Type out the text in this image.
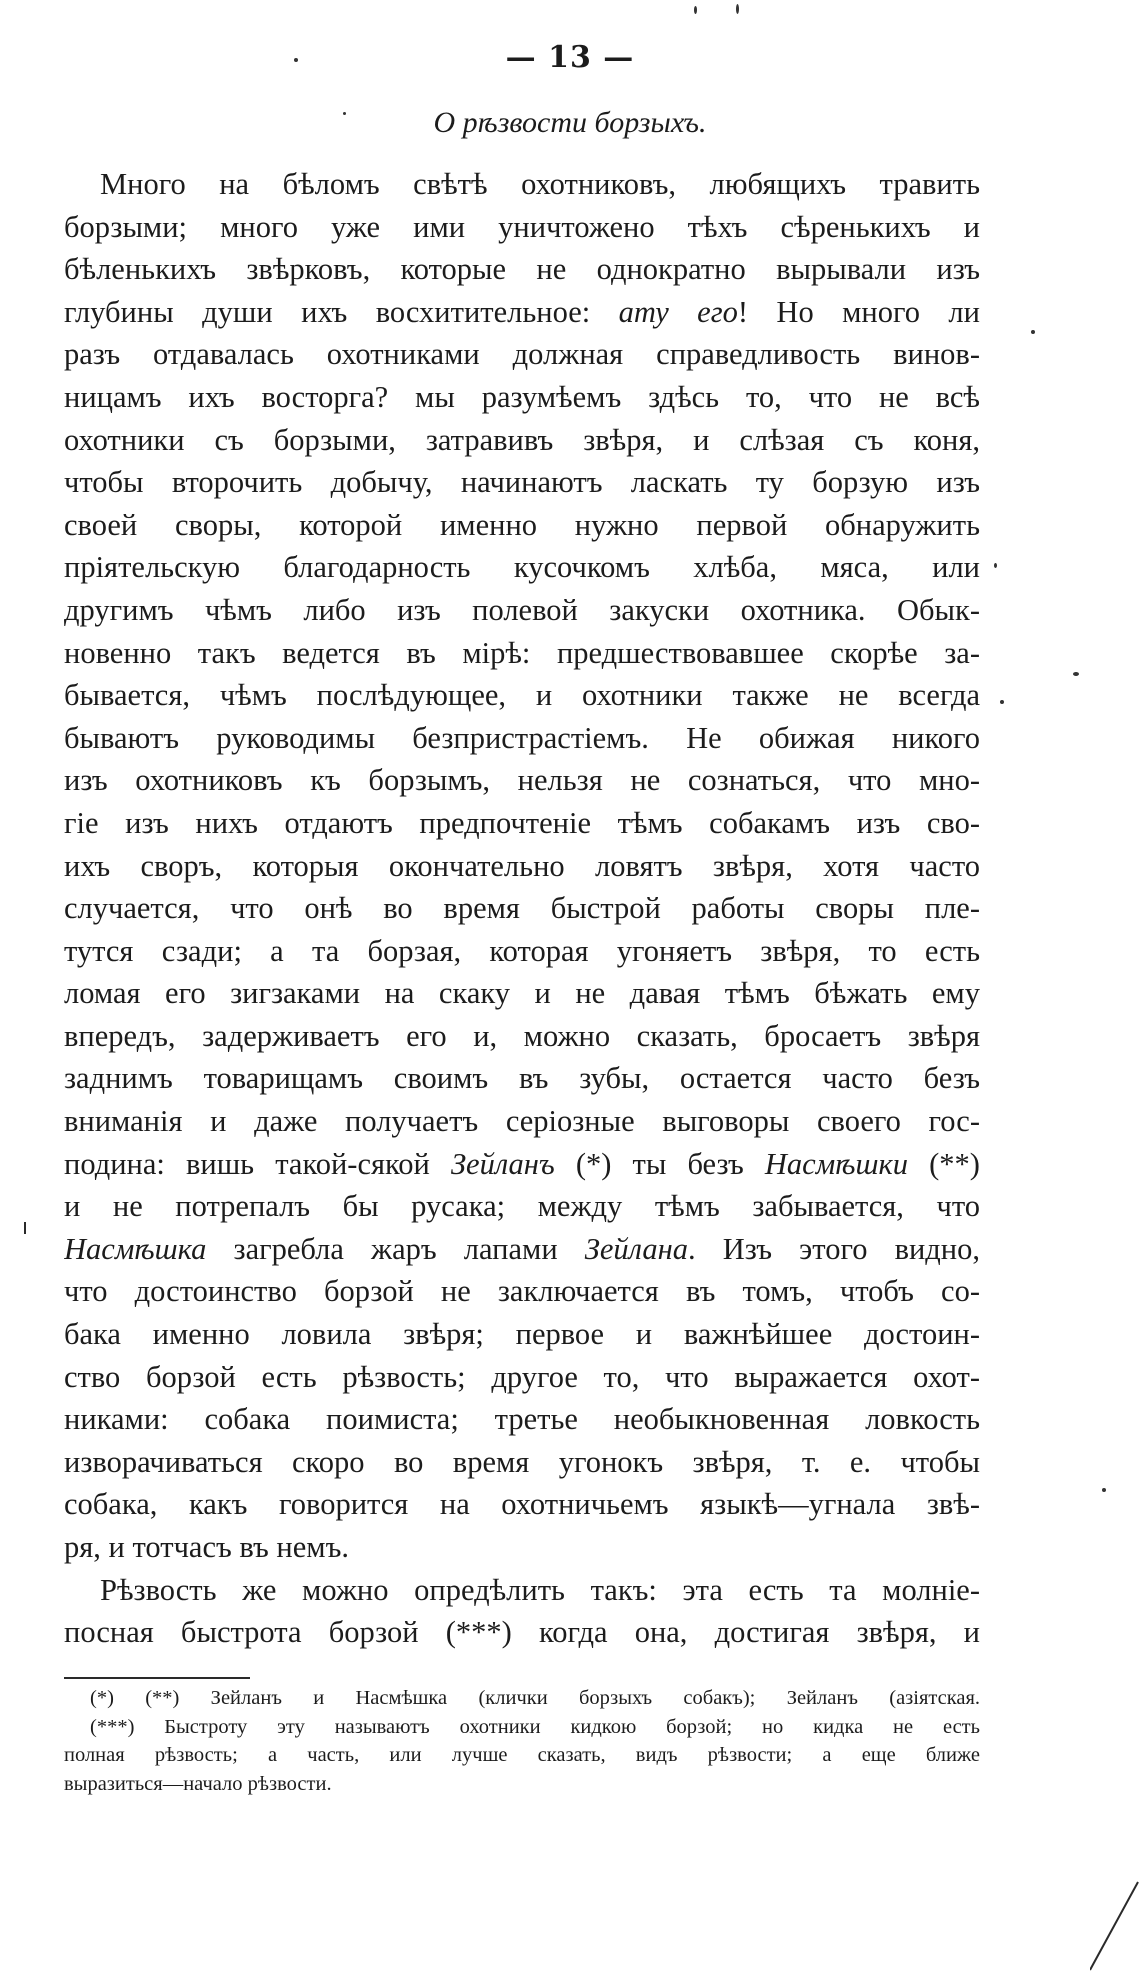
— 13 —
О рѣзвости борзыхъ.
Много на бѣломъ свѣтѣ охотниковъ, любящихъ травить
борзыми; много уже ими уничтожено тѣхъ сѣренькихъ и
бѣленькихъ звѣрковъ, которые не однократно вырывали изъ
глубины души ихъ восхитительное: ату его! Но много ли
разъ отдавалась охотниками должная справедливость винов-
ницамъ ихъ восторга? мы разумѣемъ здѣсь то, что не всѣ
охотники съ борзыми, затравивъ звѣря, и слѣзая съ коня,
чтобы второчить добычу, начинаютъ ласкать ту борзую изъ
своей своры, которой именно нужно первой обнаружить
пріятельскую благодарность кусочкомъ хлѣба, мяса, или
другимъ чѣмъ либо изъ полевой закуски охотника. Обык-
новенно такъ ведется въ мірѣ: предшествовавшее скорѣе за-
бывается, чѣмъ послѣдующее, и охотники также не всегда
бываютъ руководимы безпристрастіемъ. Не обижая никого
изъ охотниковъ къ борзымъ, нельзя не сознаться, что мно-
гіе изъ нихъ отдаютъ предпочтеніе тѣмъ собакамъ изъ сво-
ихъ своръ, которыя окончательно ловятъ звѣря, хотя часто
случается, что онѣ во время быстрой работы своры пле-
тутся сзади; а та борзая, которая угоняетъ звѣря, то есть
ломая его зигзаками на скаку и не давая тѣмъ бѣжать ему
впередъ, задерживаетъ его и, можно сказать, бросаетъ звѣря
заднимъ товарищамъ своимъ въ зубы, остается часто безъ
вниманія и даже получаетъ серіозные выговоры своего гос-
подина: вишь такой-сякой Зейланъ (*) ты безъ Насмѣшки (**)
и не потрепалъ бы русака; между тѣмъ забывается, что
Насмѣшка загребла жаръ лапами Зейлана. Изъ этого видно,
что достоинство борзой не заключается въ томъ, чтобъ со-
бака именно ловила звѣря; первое и важнѣйшее достоин-
ство борзой есть рѣзвость; другое то, что выражается охот-
никами: собака поимиста; третье необыкновенная ловкость
изворачиваться скоро во время угонокъ звѣря, т. е. чтобы
собака, какъ говорится на охотничьемъ языкѣ—угнала звѣ-
ря, и тотчасъ въ немъ.
Рѣзвость же можно опредѣлить такъ: эта есть та молніе-
посная быстрота борзой (***) когда она, достигая звѣря, и
(*) (**) Зейланъ и Насмѣшка (клички борзыхъ собакъ); Зейланъ (азіятская.
(***) Быстроту эту называютъ охотники кидкою борзой; но кидка не есть
полная рѣзвость; а часть, или лучше сказать, видъ рѣзвости; а еще ближе
выразиться—начало рѣзвости.
